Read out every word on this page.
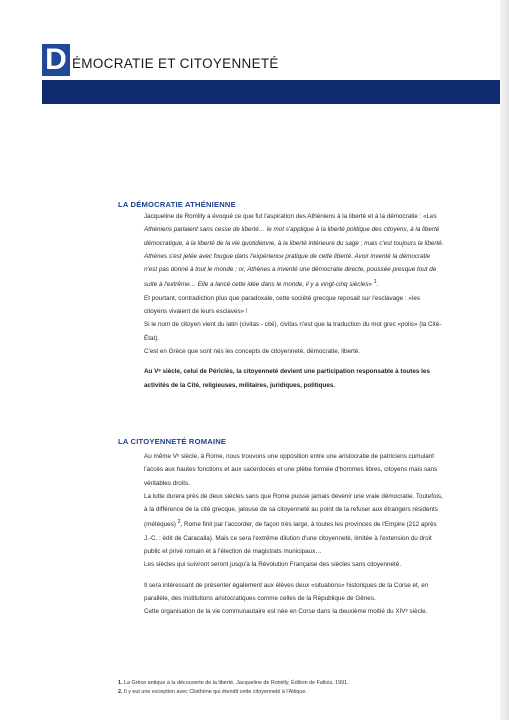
D ÉMOCRATIE ET CITOYENNETÉ
LA DÉMOCRATIE ATHÉNIENNE

Jacqueline de Romilly a évoqué ce que fut l'aspiration des Athéniens à la liberté et à la démocratie : «Les Athéniens parlaient sans cesse de liberté… le mot s'applique à la liberté politique des citoyens, à la liberté démocratique, à la liberté de la vie quotidienne, à la liberté intérieure du sage ; mais c'est toujours la liberté. Athènes s'est jetée avec fougue dans l'expérience pratique de cette liberté. Avoir inventé la démocratie n'est pas donné à tout le monde ; or, Athènes a inventé une démocratie directe, poussée presque tout de suite à l'extrême… Elle a lancé cette idée dans le monde, il y a vingt-cinq siècles» $^1$.

Et pourtant, contradiction plus que paradoxale, cette société grecque reposait sur l'esclavage : «les citoyens vivaient de leurs esclaves» !

Si le nom de citoyen vient du latin (civitas - cité), civitas n'est que la traduction du mot grec «polis» (la Cité-État).

C'est en Grèce que sont nés les concepts de citoyenneté, démocratie, liberté.

Au Vᵉ siècle, celui de Périclès, la citoyenneté devient une participation responsable à toutes les activités de la Cité, religieuses, militaires, juridiques, politiques.

LA CITOYENNETÉ ROMAINE

Au même Vᵉ siècle, à Rome, nous trouvons une opposition entre une aristocratie de patriciens cumulant l'accès aux hautes fonctions et aux sacerdoces et une plèbe formée d'hommes libres, citoyens mais sans véritables droits.

La lutte durera près de deux siècles sans que Rome puisse jamais devenir une vraie démocratie. Toutefois, à la différence de la cité grecque, jalouse de sa citoyenneté au point de la refuser aux étrangers résidents (métèques) $^2$, Rome finit par l'accorder, de façon très large, à toutes les provinces de l'Empire (212 après J.-C. : édit de Caracalla). Mais ce sera l'extrême dilution d'une citoyenneté, limitée à l'extension du droit public et privé romain et à l'élection de magistrats municipaux…

Les siècles qui suivront seront jusqu'à la Révolution Française des siècles sans citoyenneté.

Il sera intéressant de présenter également aux élèves deux «situations» historiques de la Corse et, en parallèle, des institutions aristocratiques comme celles de la République de Gênes.

Cette organisation de la vie communautaire est née en Corse dans la deuxième moitié du XIVᵉ siècle.

1. La Grèce antique à la découverte de la liberté. Jacqueline de Romilly, Édition de Fallois, 1991.

2. Il y eut une exception avec Clisthène qui étendit cette citoyenneté à l'Attique.
